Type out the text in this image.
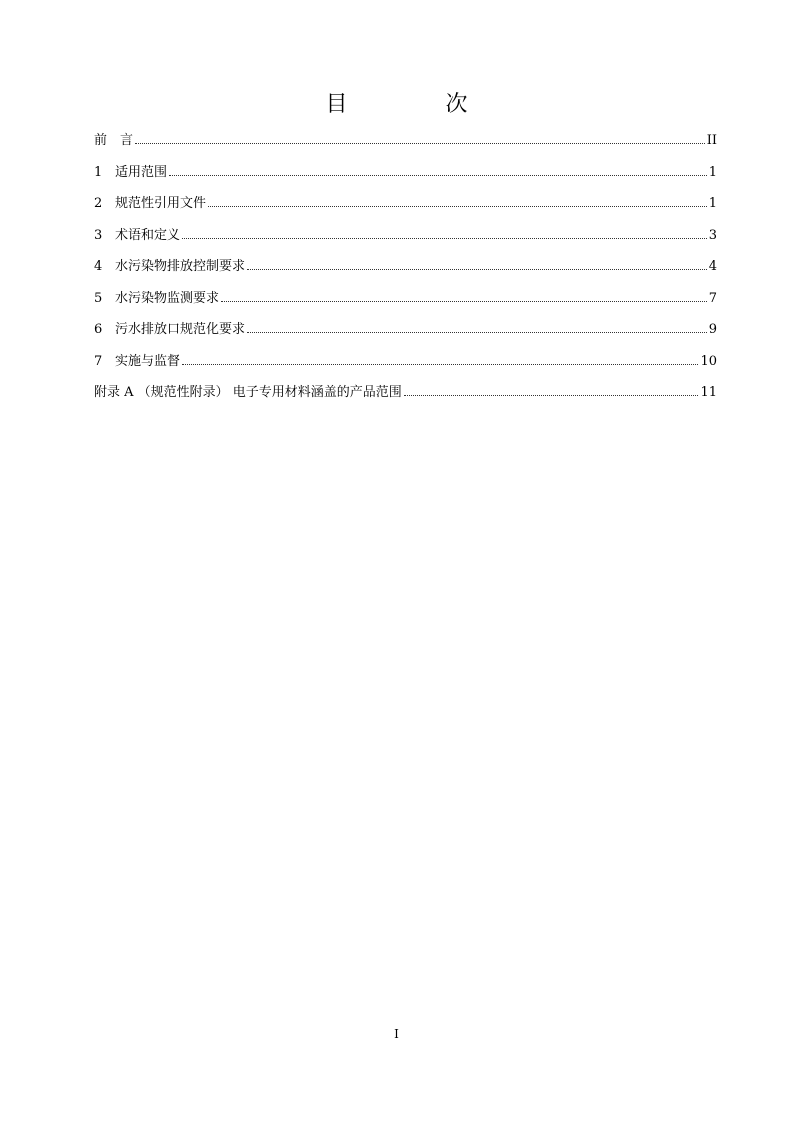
目　次
前　言	II
1 适用范围	1
2 规范性引用文件	1
3 术语和定义	3
4 水污染物排放控制要求	4
5 水污染物监测要求	7
6 污水排放口规范化要求	9
7 实施与监督	10
附录 A （规范性附录） 电子专用材料涵盖的产品范围	11
I
